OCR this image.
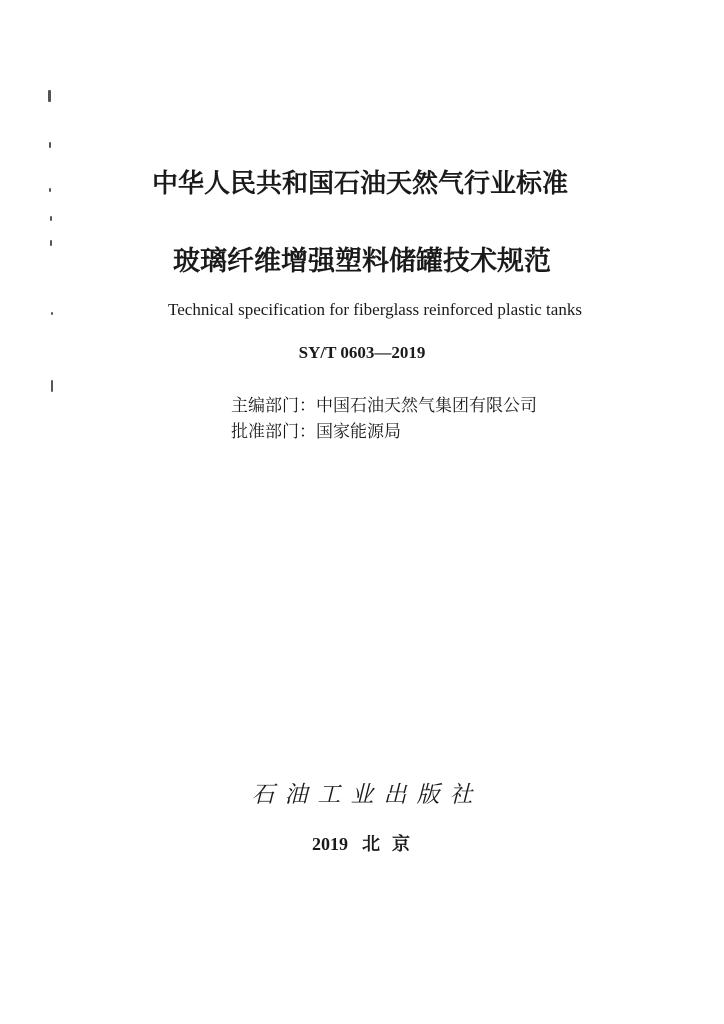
中华人民共和国石油天然气行业标准
玻璃纤维增强塑料储罐技术规范
Technical specification for fiberglass reinforced plastic tanks
SY/T 0603—2019
主编部门：中国石油天然气集团有限公司
批准部门：国家能源局
石油工业出版社
2019 北京
